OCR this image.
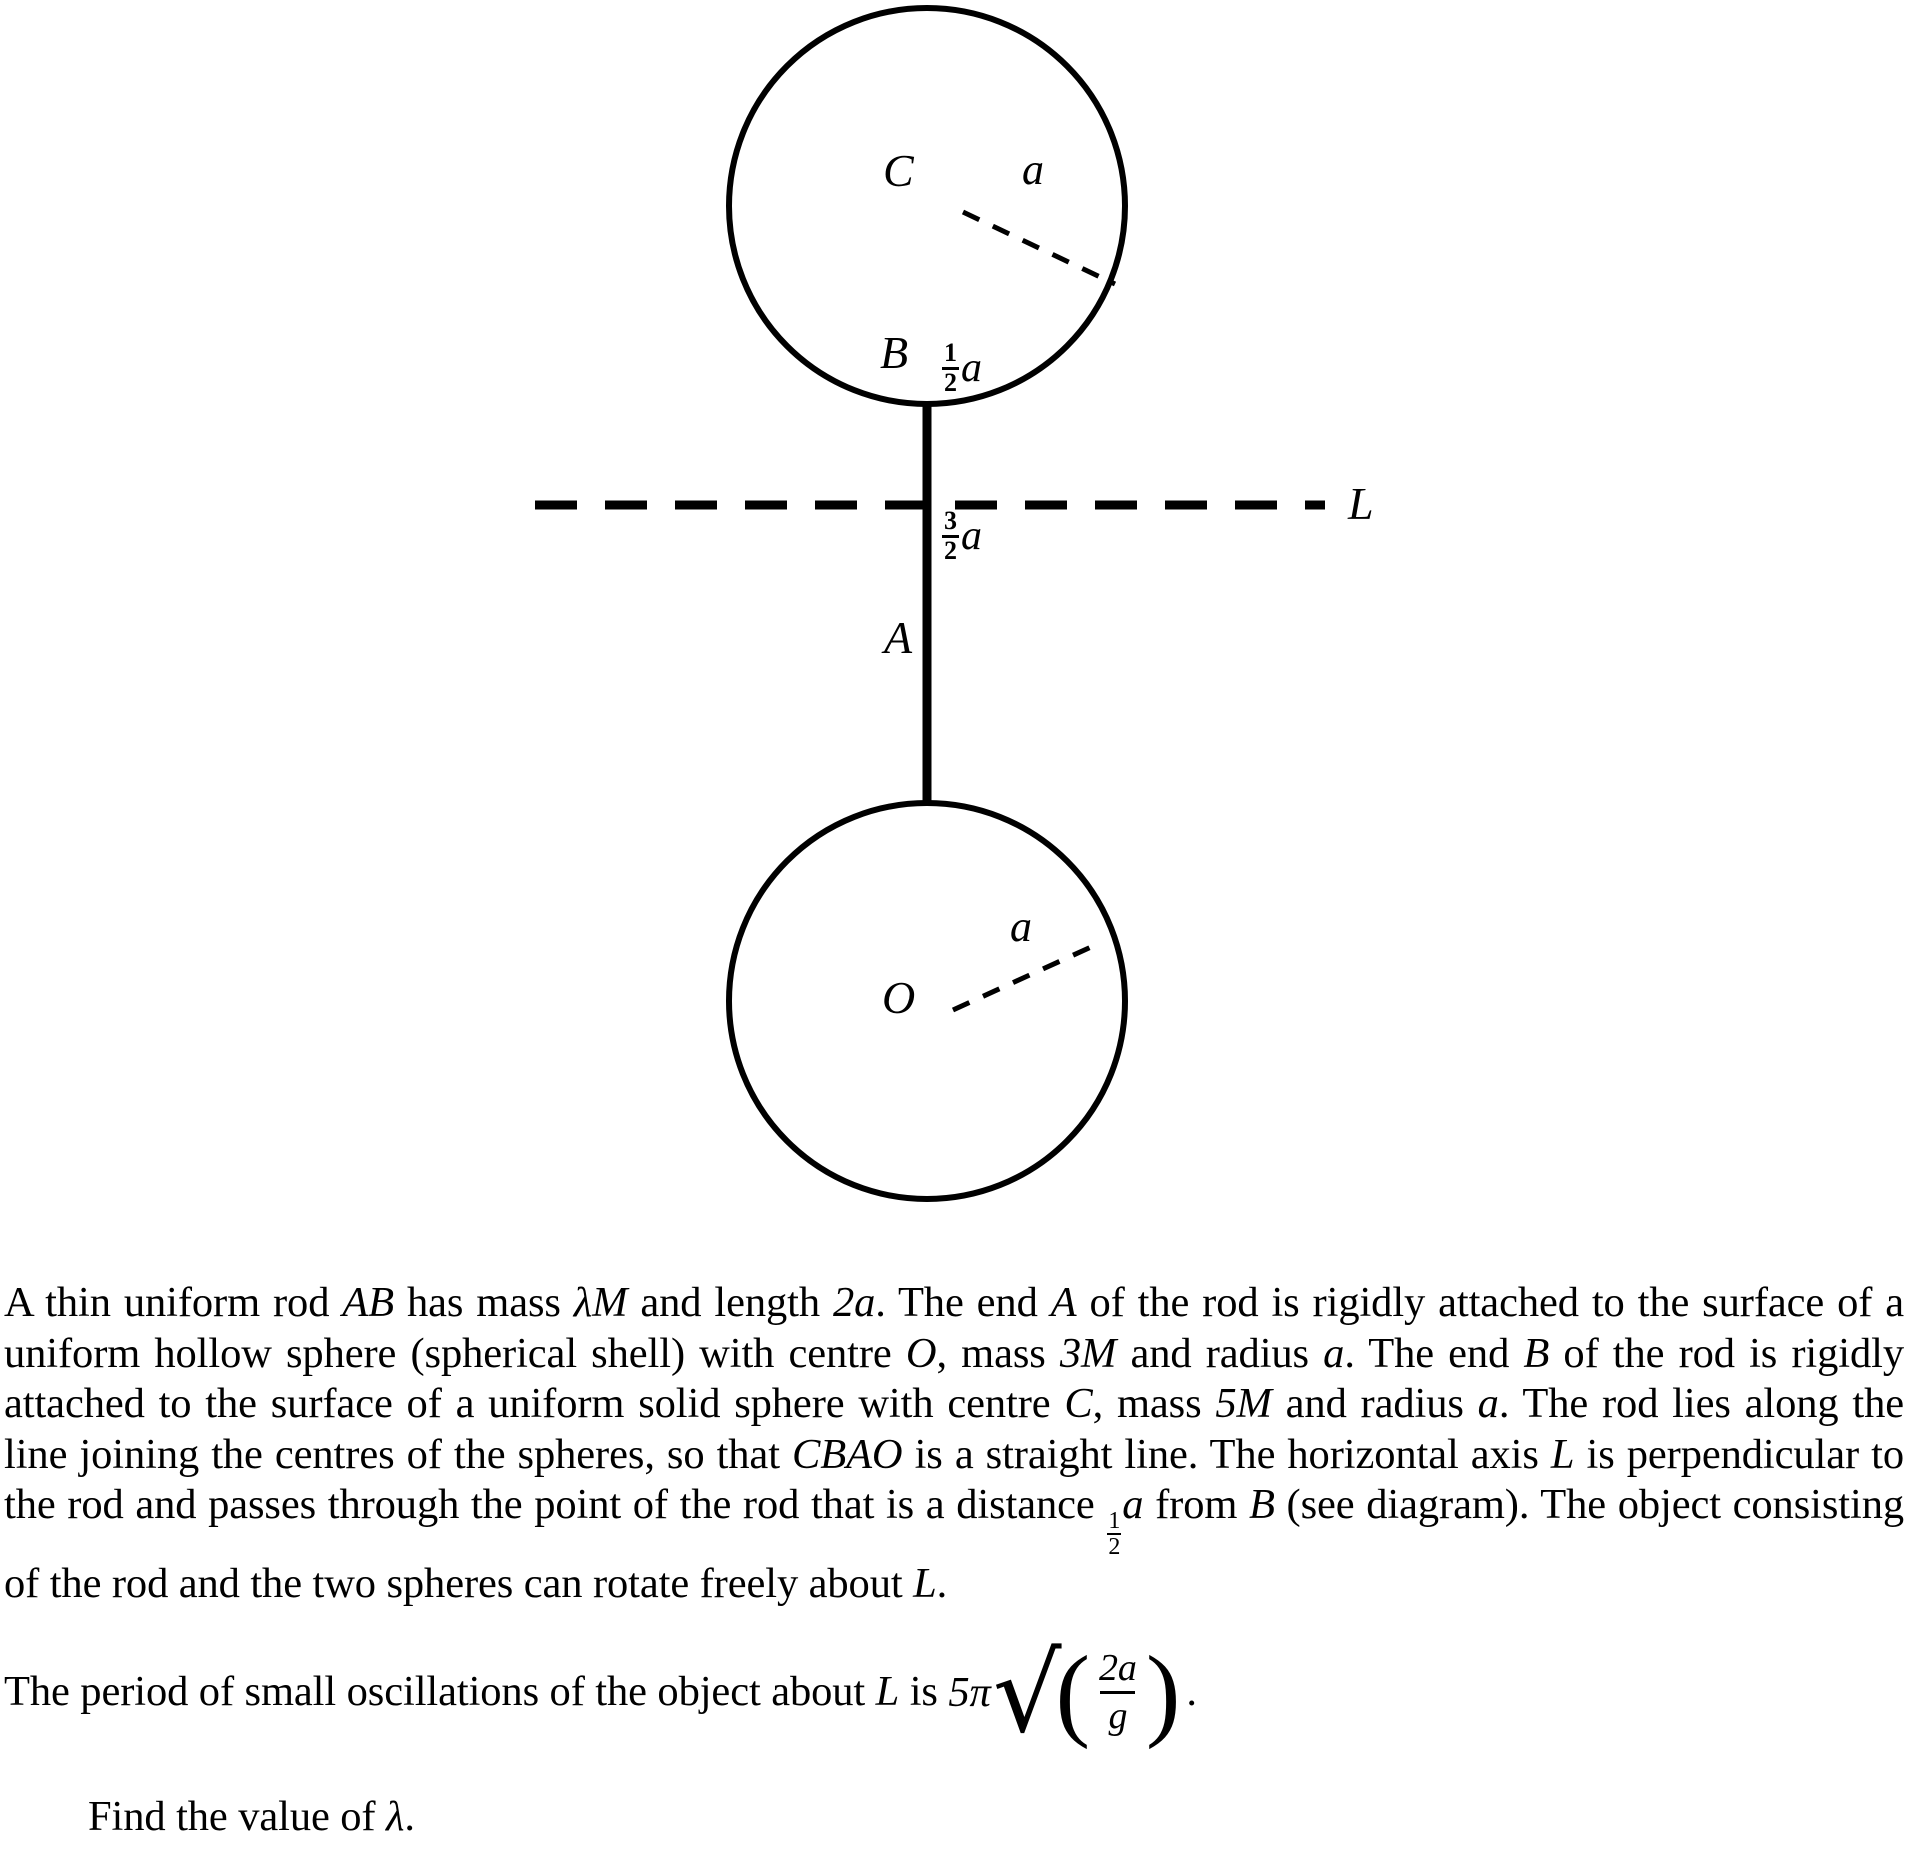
C a
B $\frac{1}{2}$ a
L
$\frac{3}{2}$ a
A
O
a

A thin uniform rod AB has mass λM and length 2a. The end A of the rod is rigidly attached to the surface of a uniform hollow sphere (spherical shell) with centre O, mass 3M and radius a. The end B of the rod is rigidly attached to the surface of a uniform solid sphere with centre C, mass 5M and radius a. The rod lies along the line joining the centres of the spheres, so that CBAO is a straight line. The horizontal axis L is perpendicular to the rod and passes through the point of the rod that is a distance
$\frac{1}{2}$
a from B (see diagram). The object consisting of the rod and the two spheres can rotate freely about L.

The period of small oscillations of the object about L is 5π √
( $\frac{2a}{g}$ ) .

Find the value of λ.
